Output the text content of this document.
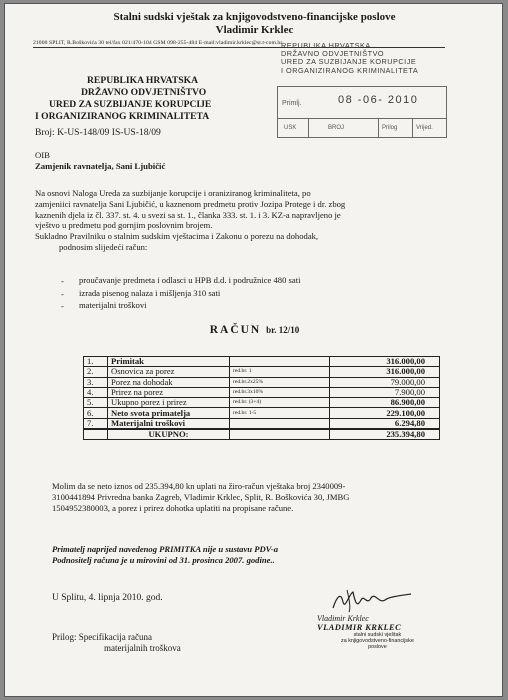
Stalni sudski vještak za knjigovodstveno-financijske poslove
Vladimir Krklec
21000 SPLIT, R.Boškovića 30 tel/fax 021/470-104 GSM 098-255-484 E-mail:vladimir.krklec@st.t-com.hr
REPUBLIKA HRVATSKA
DRŽAVNO ODVJETNIŠTVO
URED ZA SUZBIJANJE KORUPCIJE
I ORGANIZIRANOG KRIMINALITETA
Primlj.	08 -06- 2010
USK	BROJ	Prilog	Vrijed.
REPUBLIKA HRVATSKA
DRŽAVNO ODVJETNIŠTVO
URED ZA SUZBIJANJE KORUPCIJE
I ORGANIZIRANOG KRIMINALITETA
Broj: K-US-148/09 IS-US-18/09
OIB
Zamjenik ravnatelja, Sani Ljubičić
Na osnovi Naloga Ureda za suzbijanje korupcije i oraniziranog kriminaliteta, po
zamjeniici ravnatelja Sani Ljubičić, u kaznenom predmetu protiv Jozipa Protege i dr. zbog
kaznenih djela iz čl. 337. st. 4. u svezi sa st. 1., članka 333. st. 1. i 3. KZ-a napravljeno je
vještvo u predmetu pod gornjim poslovnim brojem.
Sukladno Pravilniku o stalnim sudskim vještacima i Zakonu o porezu na dohodak,
podnosim slijedeći račun:
- proučavanje predmeta i odlasci u HPB d.d. i podružnice 480 sati
- izrada pisenog nalaza i mišljenja 310 sati
- materijalni troškovi
RAČUN br. 12/10
1.	Primitak		316.000,00
2.	Osnovica za porez	red.br. 1	316.000,00
3.	Porez na dohodak	red.br.2x25%	79.000,00
4.	Prirez na porez	red.br.3x10%	7.900,00
5.	Ukupno porez i prirez	red.br. (3+4)	86.900,00
6.	Neto svota primatelja	red.br. 1-5	229.100,00
7.	Materijalni troškovi		6.294,80
	UKUPNO:		235.394,80
Molim da se neto iznos od 235.394,80 kn uplati na žiro-račun vještaka broj 2340009-
3100441894 Privredna banka Zagreb, Vladimir Krklec, Split, R. Boškovića 30, JMBG
1504952380003, a porez i prirez dohotka uplatiti na propisane račune.
Primatelj naprijed navedenog PRIMITKA nije u sustavu PDV-a
Podnositelj računa je u mirovini od 31. prosinca 2007. godine..
U Splitu, 4. lipnja 2010. god.
Prilog: Specifikacija računa
materijalnih troškova
Vladimir Krklec
VLADIMIR KRKLEC
stalni sudski vještak
za knjigovodstveno-financijske
poslove
